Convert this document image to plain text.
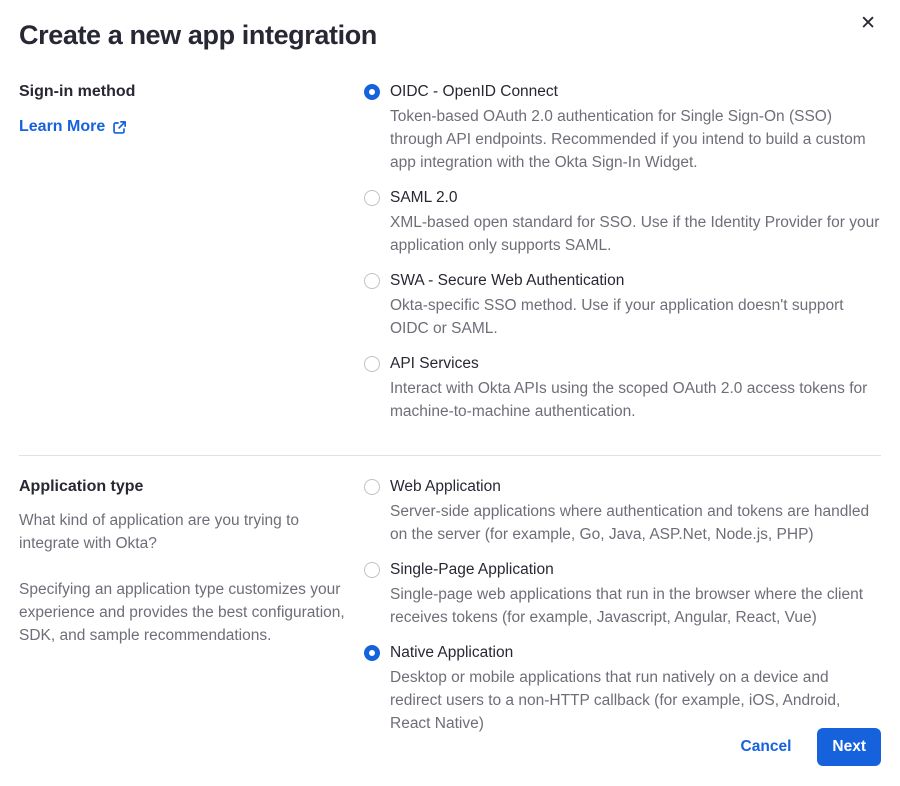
Create a new app integration	✕
Sign-in method
Learn More
OIDC - OpenID Connect
Token-based OAuth 2.0 authentication for Single Sign-On (SSO) through API endpoints. Recommended if you intend to build a custom app integration with the Okta Sign-In Widget.
SAML 2.0
XML-based open standard for SSO. Use if the Identity Provider for your application only supports SAML.
SWA - Secure Web Authentication
Okta-specific SSO method. Use if your application doesn't support OIDC or SAML.
API Services
Interact with Okta APIs using the scoped OAuth 2.0 access tokens for machine-to-machine authentication.
Application type

What kind of application are you trying to integrate with Okta?

Specifying an application type customizes your experience and provides the best configuration, SDK, and sample recommendations.

Web Application
Server-side applications where authentication and tokens are handled on the server (for example, Go, Java, ASP.Net, Node.js, PHP)
Single-Page Application
Single-page web applications that run in the browser where the client receives tokens (for example, Javascript, Angular, React, Vue)
Native Application
Desktop or mobile applications that run natively on a device and redirect users to a non-HTTP callback (for example, iOS, Android, React Native)
Cancel	Next
